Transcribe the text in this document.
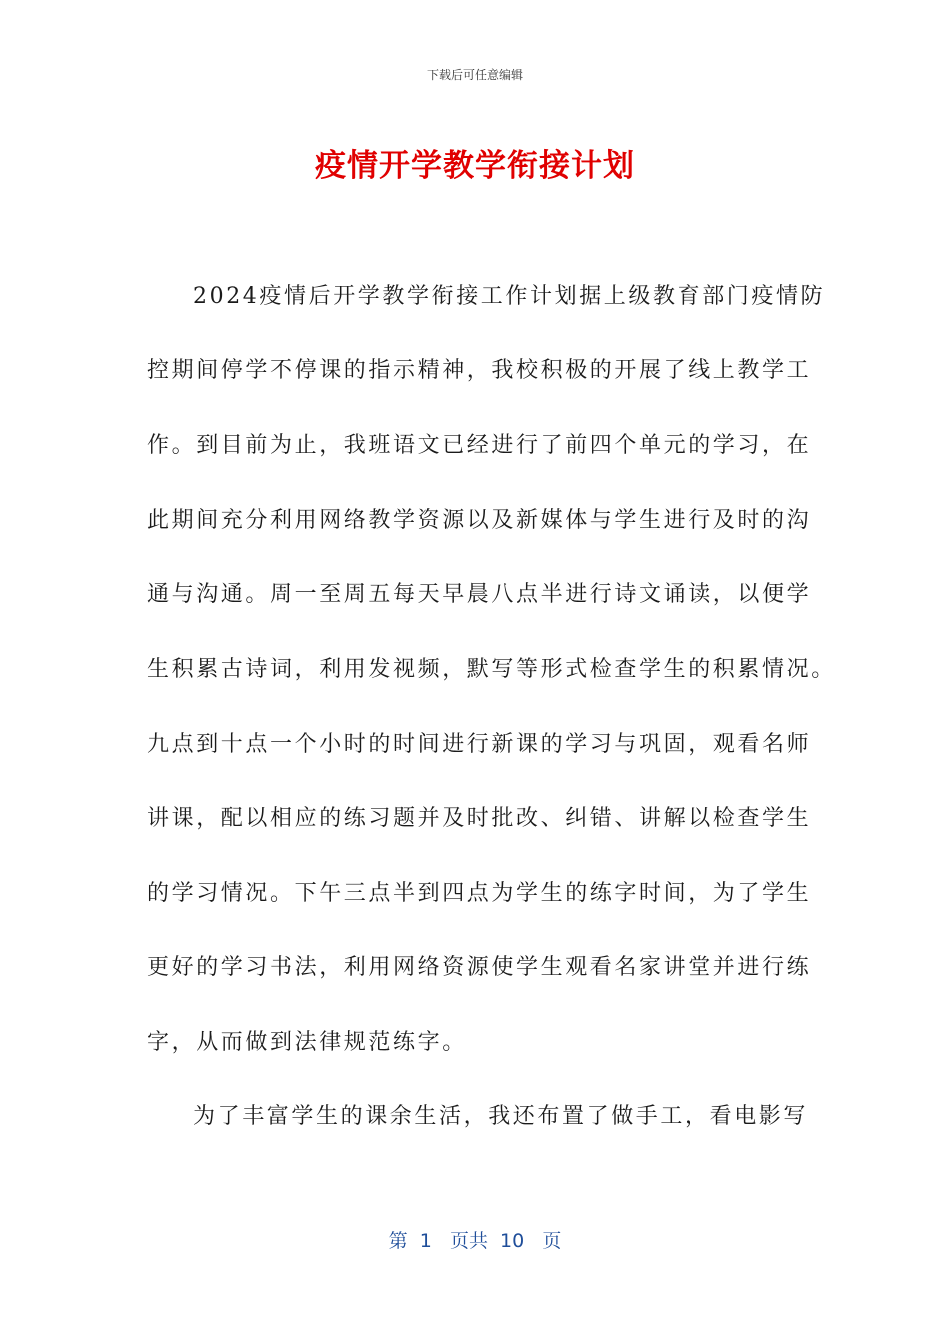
下载后可任意编辑
疫情开学教学衔接计划
2024疫情后开学教学衔接工作计划据上级教育部门疫情防
控期间停学不停课的指示精神，我校积极的开展了线上教学工
作。到目前为止，我班语文已经进行了前四个单元的学习，在
此期间充分利用网络教学资源以及新媒体与学生进行及时的沟
通与沟通。周一至周五每天早晨八点半进行诗文诵读，以便学
生积累古诗词，利用发视频，默写等形式检查学生的积累情况。
九点到十点一个小时的时间进行新课的学习与巩固，观看名师
讲课，配以相应的练习题并及时批改、纠错、讲解以检查学生
的学习情况。下午三点半到四点为学生的练字时间，为了学生
更好的学习书法，利用网络资源使学生观看名家讲堂并进行练
字，从而做到法律规范练字。
为了丰富学生的课余生活，我还布置了做手工，看电影写
第 1 页共 10 页
